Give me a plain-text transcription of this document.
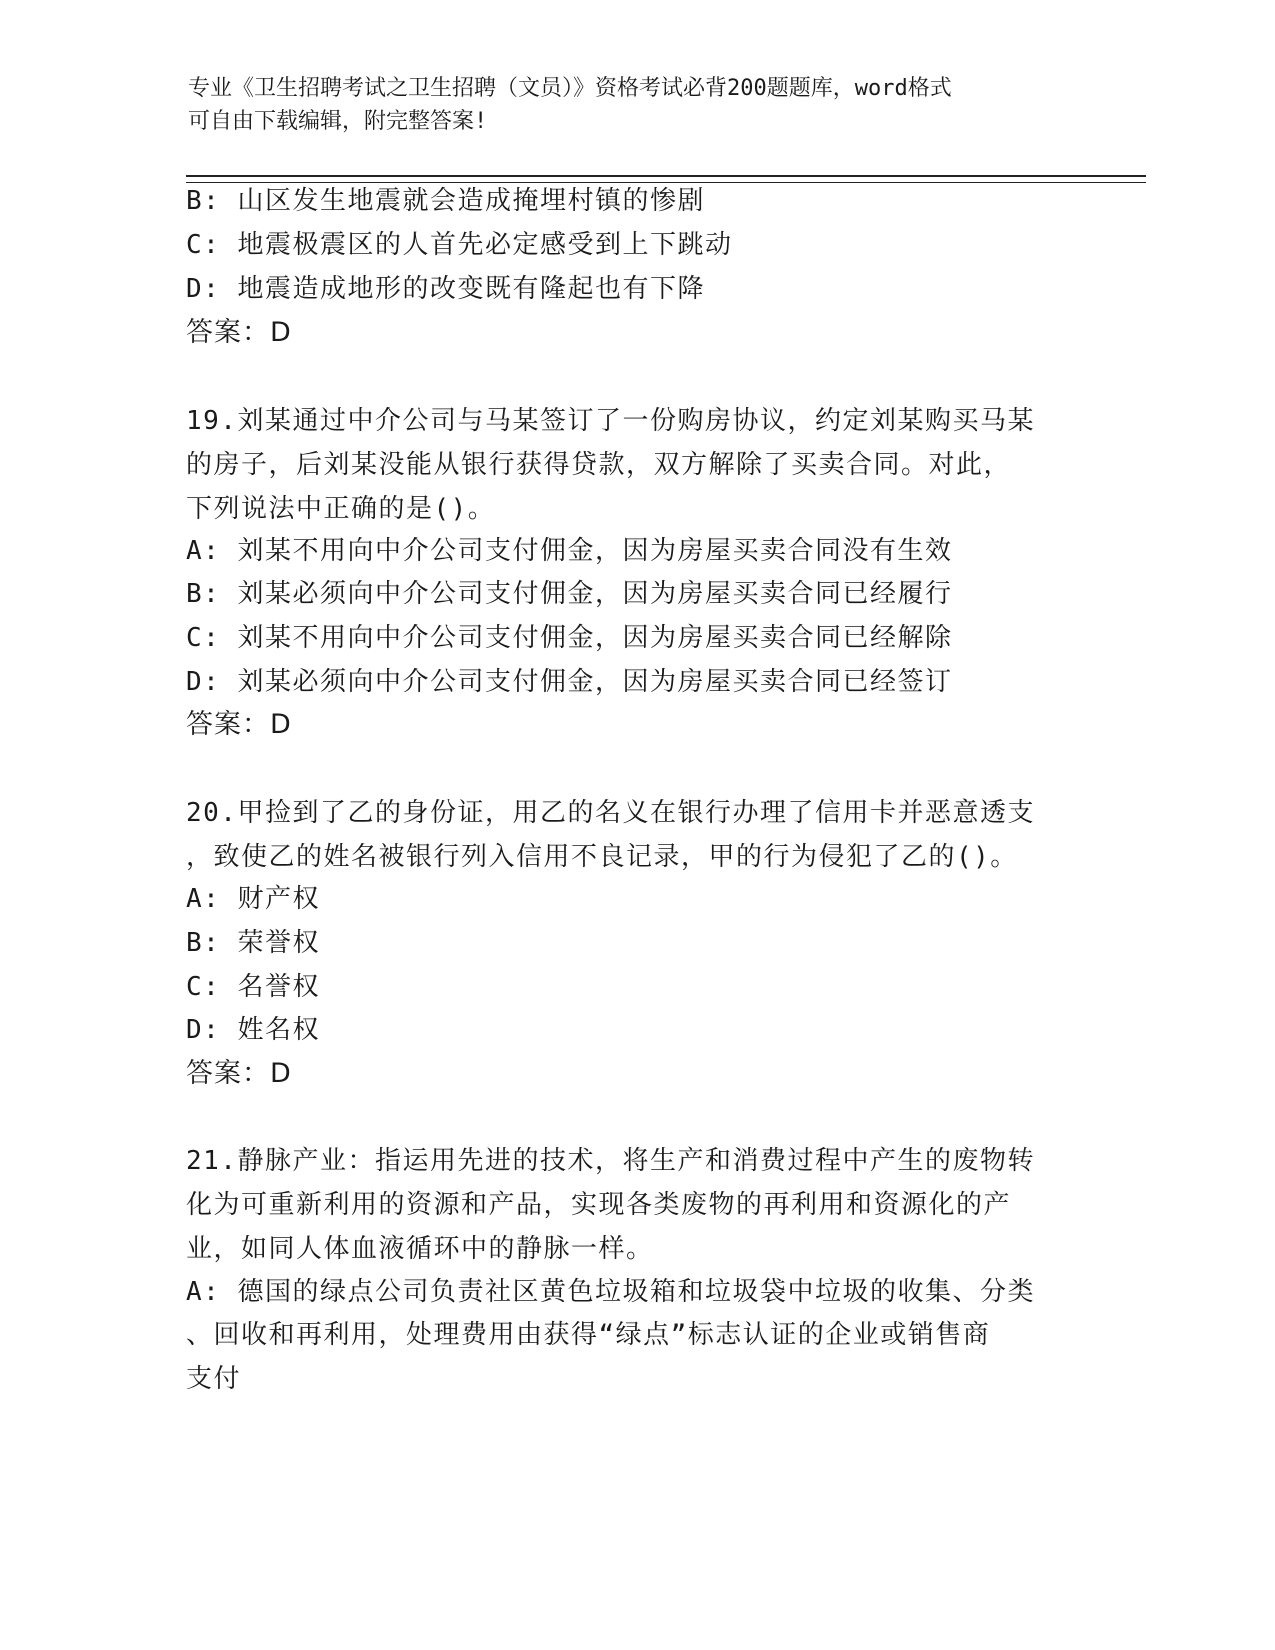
专业《卫生招聘考试之卫生招聘（文员）》资格考试必背200题题库，word格式
可自由下载编辑，附完整答案!
B: 山区发生地震就会造成掩埋村镇的惨剧
C: 地震极震区的人首先必定感受到上下跳动
D: 地震造成地形的改变既有隆起也有下降
答案：D
19.刘某通过中介公司与马某签订了一份购房协议，约定刘某购买马某
的房子，后刘某没能从银行获得贷款，双方解除了买卖合同。对此，
下列说法中正确的是()。
A: 刘某不用向中介公司支付佣金，因为房屋买卖合同没有生效
B: 刘某必须向中介公司支付佣金，因为房屋买卖合同已经履行
C: 刘某不用向中介公司支付佣金，因为房屋买卖合同已经解除
D: 刘某必须向中介公司支付佣金，因为房屋买卖合同已经签订
答案：D
20.甲捡到了乙的身份证，用乙的名义在银行办理了信用卡并恶意透支
，致使乙的姓名被银行列入信用不良记录，甲的行为侵犯了乙的()。
A: 财产权
B: 荣誉权
C: 名誉权
D: 姓名权
答案：D
21.静脉产业：指运用先进的技术，将生产和消费过程中产生的废物转
化为可重新利用的资源和产品，实现各类废物的再利用和资源化的产
业，如同人体血液循环中的静脉一样。
A: 德国的绿点公司负责社区黄色垃圾箱和垃圾袋中垃圾的收集、分类
、回收和再利用，处理费用由获得“绿点”标志认证的企业或销售商
支付
